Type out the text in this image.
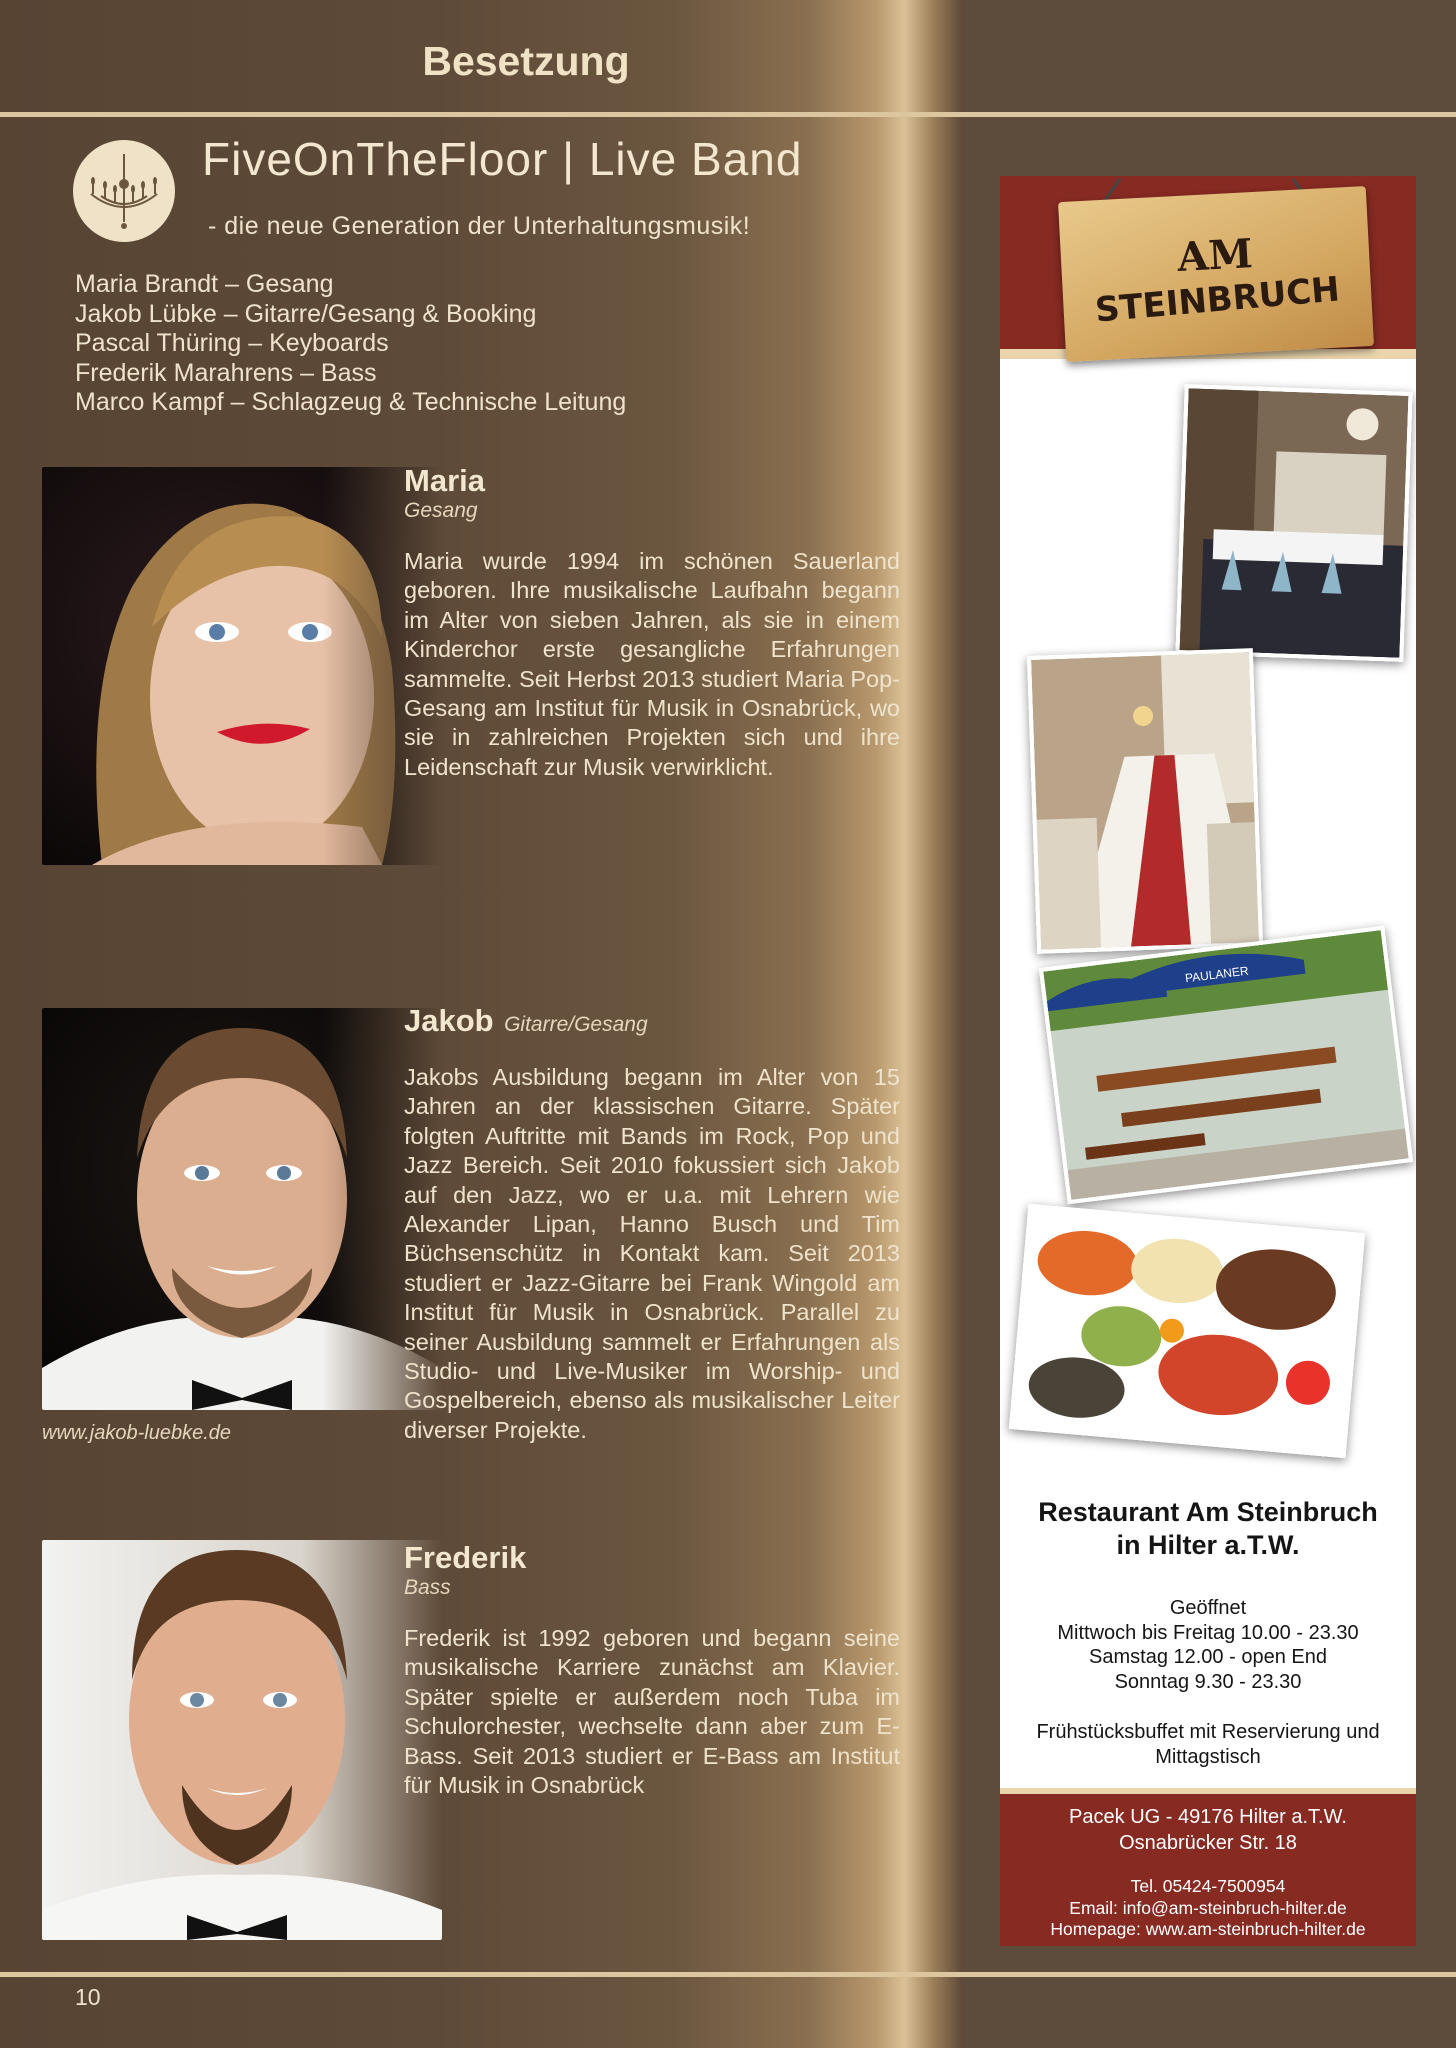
Besetzung
FiveOnTheFloor | Live Band
- die neue Generation der Unterhaltungsmusik!
Maria Brandt – Gesang
Jakob Lübke – Gitarre/Gesang & Booking
Pascal Thüring – Keyboards
Frederik Marahrens – Bass
Marco Kampf – Schlagzeug & Technische Leitung
Maria
Gesang
Maria wurde 1994 im schönen Sauerland geboren. Ihre musikalische Laufbahn begann im Alter von sieben Jahren, als sie in einem Kinderchor erste gesangliche Erfahrungen sammelte. Seit Herbst 2013 studiert Maria Pop-Gesang am Institut für Musik in Osnabrück, wo sie in zahlreichen Projekten sich und ihre Leidenschaft zur Musik verwirklicht.
www.jakob-luebke.de
Jakob Gitarre/Gesang
Jakobs Ausbildung begann im Alter von 15 Jahren an der klassischen Gitarre. Später folgten Auftritte mit Bands im Rock, Pop und Jazz Bereich. Seit 2010 fokussiert sich Jakob auf den Jazz, wo er u.a. mit Lehrern wie Alexander Lipan, Hanno Busch und Tim Büchsenschütz in Kontakt kam. Seit 2013 studiert er Jazz-Gitarre bei Frank Wingold am Institut für Musik in Osnabrück. Parallel zu seiner Ausbildung sammelt er Erfahrungen als Studio- und Live-Musiker im Worship- und Gospelbereich, ebenso als musikalischer Leiter diverser Projekte.
Frederik
Bass
Frederik ist 1992 geboren und begann seine musikalische Karriere zunächst am Klavier. Später spielte er außerdem noch Tuba im Schulorchester, wechselte dann aber zum E-Bass. Seit 2013 studiert er E-Bass am Institut für Musik in Osnabrück
10
AM
STEINBRUCH
PAULANER
Restaurant Am Steinbruch
in Hilter a.T.W.
Geöffnet
Mittwoch bis Freitag 10.00 - 23.30
Samstag 12.00 - open End
Sonntag 9.30 - 23.30
Frühstücksbuffet mit Reservierung und
Mittagstisch
Pacek UG - 49176 Hilter a.T.W.
Osnabrücker Str. 18
Tel. 05424-7500954
Email: info@am-steinbruch-hilter.de
Homepage: www.am-steinbruch-hilter.de
